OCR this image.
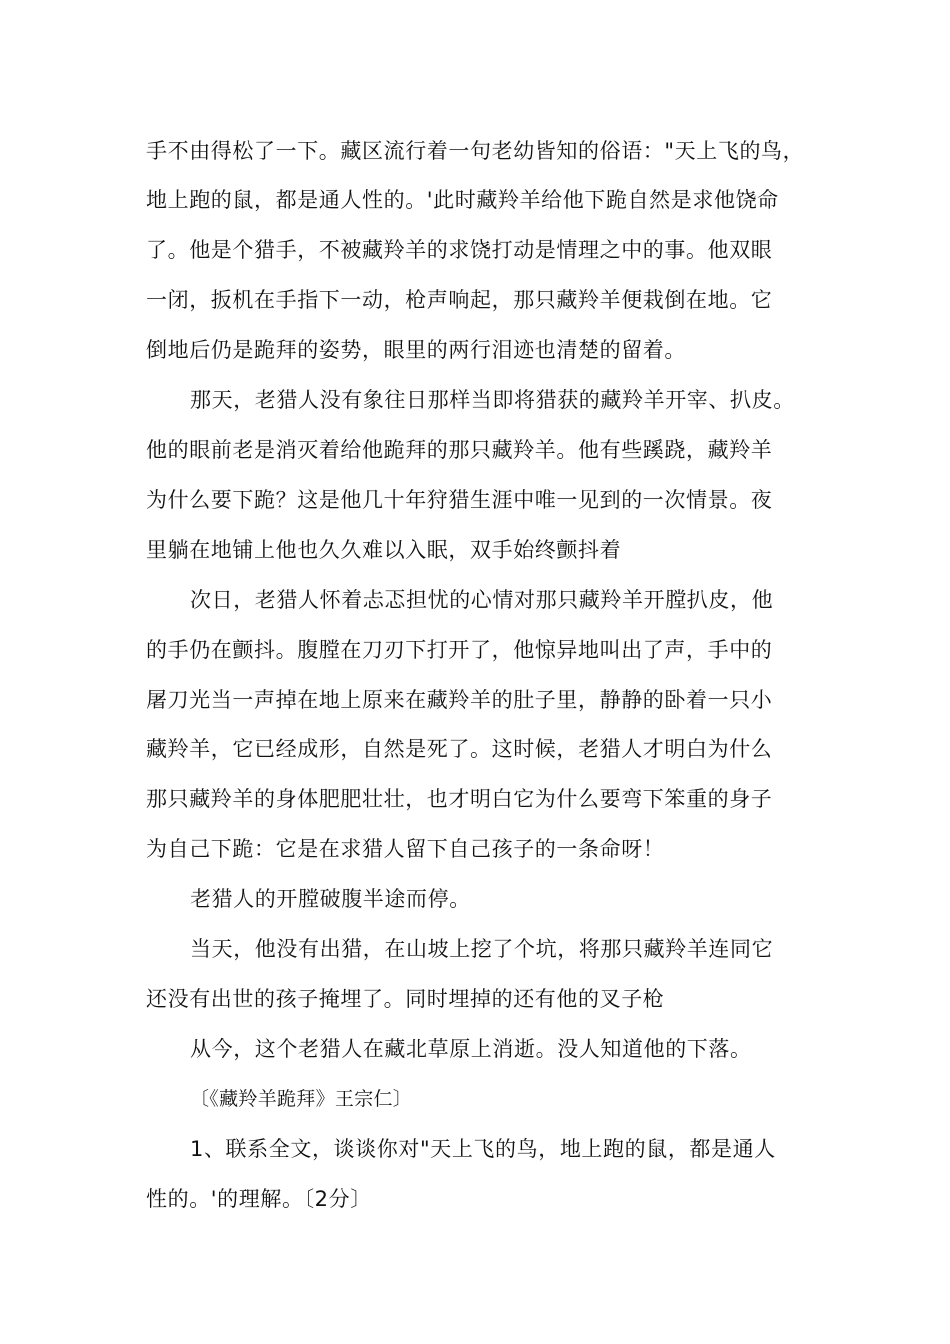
手不由得松了一下。藏区流行着一句老幼皆知的俗语："天上飞的鸟，
地上跑的鼠，都是通人性的。'此时藏羚羊给他下跪自然是求他饶命
了。他是个猎手，不被藏羚羊的求饶打动是情理之中的事。他双眼
一闭，扳机在手指下一动，枪声响起，那只藏羚羊便栽倒在地。它
倒地后仍是跪拜的姿势，眼里的两行泪迹也清楚的留着。
那天，老猎人没有象往日那样当即将猎获的藏羚羊开宰、扒皮。
他的眼前老是消灭着给他跪拜的那只藏羚羊。他有些蹊跷，藏羚羊
为什么要下跪？这是他几十年狩猎生涯中唯一见到的一次情景。夜
里躺在地铺上他也久久难以入眠，双手始终颤抖着
次日，老猎人怀着忐忑担忧的心情对那只藏羚羊开膛扒皮，他
的手仍在颤抖。腹膛在刀刃下打开了，他惊异地叫出了声，手中的
屠刀光当一声掉在地上原来在藏羚羊的肚子里，静静的卧着一只小
藏羚羊，它已经成形，自然是死了。这时候，老猎人才明白为什么
那只藏羚羊的身体肥肥壮壮，也才明白它为什么要弯下笨重的身子
为自己下跪：它是在求猎人留下自己孩子的一条命呀！
老猎人的开膛破腹半途而停。
当天，他没有出猎，在山坡上挖了个坑，将那只藏羚羊连同它
还没有出世的孩子掩埋了。同时埋掉的还有他的叉子枪
从今，这个老猎人在藏北草原上消逝。没人知道他的下落。
〔《藏羚羊跪拜》王宗仁〕
1、联系全文，谈谈你对"天上飞的鸟，地上跑的鼠，都是通人
性的。'的理解。〔2分〕
